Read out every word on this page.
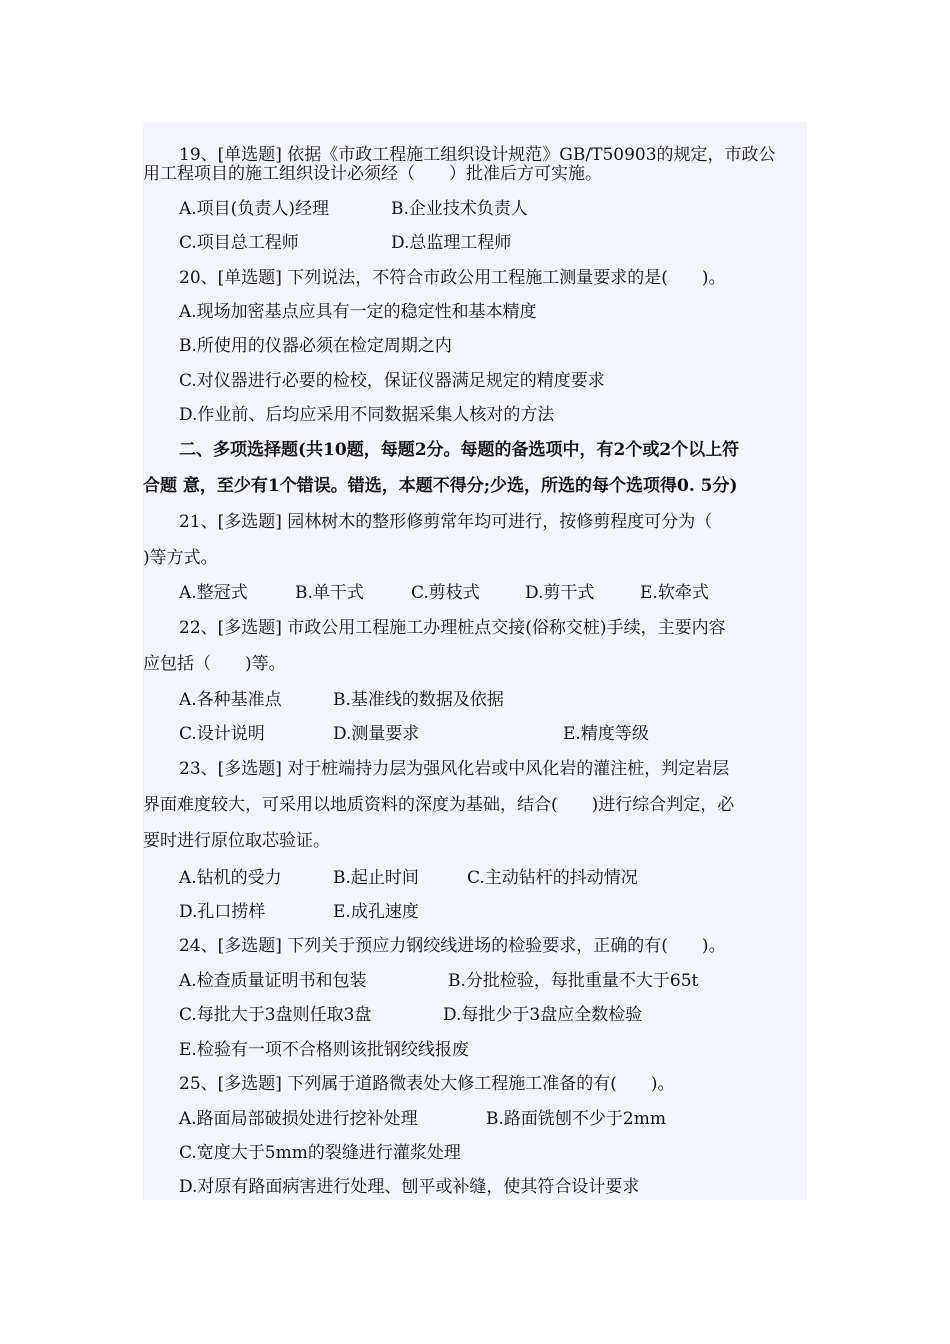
19、[单选题] 依据《市政工程施工组织设计规范》GB/T50903的规定，市政公
用工程项目的施工组织设计必须经（　　）批准后方可实施。
A.项目(负责人)经理	B.企业技术负责人
C.项目总工程师	D.总监理工程师
20、[单选题] 下列说法，不符合市政公用工程施工测量要求的是(　　)。
A.现场加密基点应具有一定的稳定性和基本精度
B.所使用的仪器必须在检定周期之内
C.对仪器进行必要的检校，保证仪器满足规定的精度要求
D.作业前、后均应采用不同数据采集人核对的方法
二、多项选择题(共10题，每题2分。每题的备选项中，有2个或2个以上符
合题 意，至少有1个错误。错选，本题不得分;少选，所选的每个选项得0. 5分)
21、[多选题] 园林树木的整形修剪常年均可进行，按修剪程度可分为（
)等方式。
A.整冠式	B.单干式	C.剪枝式	D.剪干式	E.软牵式
22、[多选题] 市政公用工程施工办理桩点交接(俗称交桩)手续，主要内容
应包括（　　)等。
A.各种基准点	B.基准线的数据及依据
C.设计说明	D.测量要求	E.精度等级
23、[多选题] 对于桩端持力层为强风化岩或中风化岩的灌注桩，判定岩层
界面难度较大，可采用以地质资料的深度为基础，结合(　　)进行综合判定，必
要时进行原位取芯验证。
A.钻机的受力	B.起止时间	C.主动钻杆的抖动情况
D.孔口捞样	E.成孔速度
24、[多选题] 下列关于预应力钢绞线进场的检验要求，正确的有(　　)。
A.检查质量证明书和包装	B.分批检验，每批重量不大于65t
C.每批大于3盘则任取3盘	D.每批少于3盘应全数检验
E.检验有一项不合格则该批钢绞线报废
25、[多选题] 下列属于道路微表处大修工程施工准备的有(　　)。
A.路面局部破损处进行挖补处理	B.路面铣刨不少于2mm
C.宽度大于5mm的裂缝进行灌浆处理
D.对原有路面病害进行处理、刨平或补缝，使其符合设计要求
